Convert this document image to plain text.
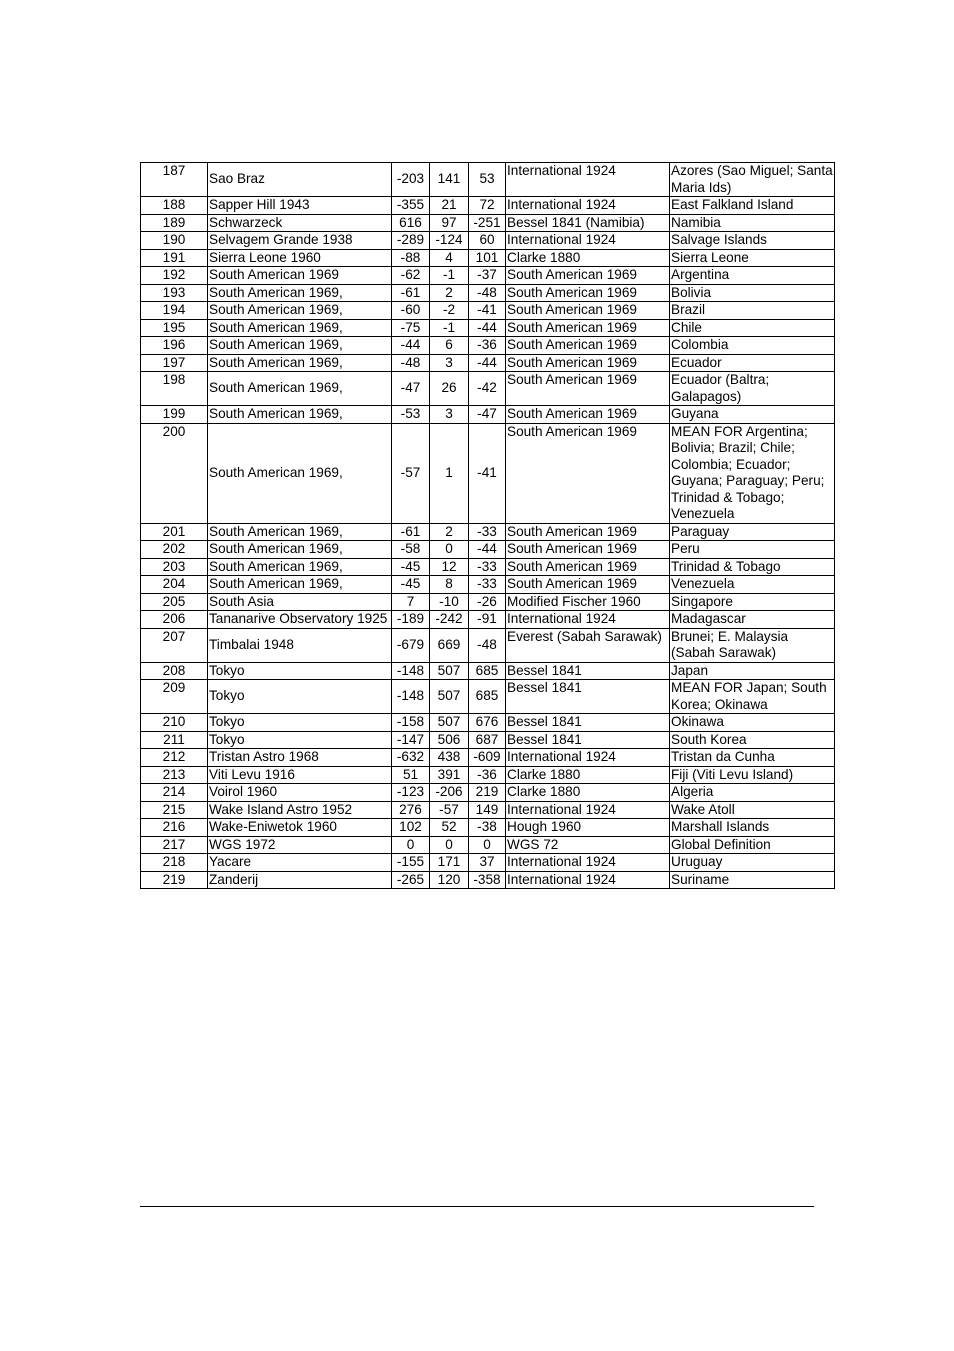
187	Sao Braz	-203	141	53	International 1924	Azores (Sao Miguel; Santa Maria Ids)
188	Sapper Hill 1943	-355	21	72	International 1924	East Falkland Island
189	Schwarzeck	616	97	-251	Bessel 1841 (Namibia)	Namibia
190	Selvagem Grande 1938	-289	-124	60	International 1924	Salvage Islands
191	Sierra Leone 1960	-88	4	101	Clarke 1880	Sierra Leone
192	South American 1969	-62	-1	-37	South American 1969	Argentina
193	South American 1969,	-61	2	-48	South American 1969	Bolivia
194	South American 1969,	-60	-2	-41	South American 1969	Brazil
195	South American 1969,	-75	-1	-44	South American 1969	Chile
196	South American 1969,	-44	6	-36	South American 1969	Colombia
197	South American 1969,	-48	3	-44	South American 1969	Ecuador
198	South American 1969,	-47	26	-42	South American 1969	Ecuador (Baltra; Galapagos)
199	South American 1969,	-53	3	-47	South American 1969	Guyana
200	South American 1969,	-57	1	-41	South American 1969	MEAN FOR Argentina; Bolivia; Brazil; Chile; Colombia; Ecuador; Guyana; Paraguay; Peru; Trinidad & Tobago; Venezuela
201	South American 1969,	-61	2	-33	South American 1969	Paraguay
202	South American 1969,	-58	0	-44	South American 1969	Peru
203	South American 1969,	-45	12	-33	South American 1969	Trinidad & Tobago
204	South American 1969,	-45	8	-33	South American 1969	Venezuela
205	South Asia	7	-10	-26	Modified Fischer 1960	Singapore
206	Tananarive Observatory 1925	-189	-242	-91	International 1924	Madagascar
207	Timbalai 1948	-679	669	-48	Everest (Sabah Sarawak)	Brunei; E. Malaysia (Sabah Sarawak)
208	Tokyo	-148	507	685	Bessel 1841	Japan
209	Tokyo	-148	507	685	Bessel 1841	MEAN FOR Japan; South Korea; Okinawa
210	Tokyo	-158	507	676	Bessel 1841	Okinawa
211	Tokyo	-147	506	687	Bessel 1841	South Korea
212	Tristan Astro 1968	-632	438	-609	International 1924	Tristan da Cunha
213	Viti Levu 1916	51	391	-36	Clarke 1880	Fiji (Viti Levu Island)
214	Voirol 1960	-123	-206	219	Clarke 1880	Algeria
215	Wake Island Astro 1952	276	-57	149	International 1924	Wake Atoll
216	Wake-Eniwetok 1960	102	52	-38	Hough 1960	Marshall Islands
217	WGS 1972	0	0	0	WGS 72	Global Definition
218	Yacare	-155	171	37	International 1924	Uruguay
219	Zanderij	-265	120	-358	International 1924	Suriname
